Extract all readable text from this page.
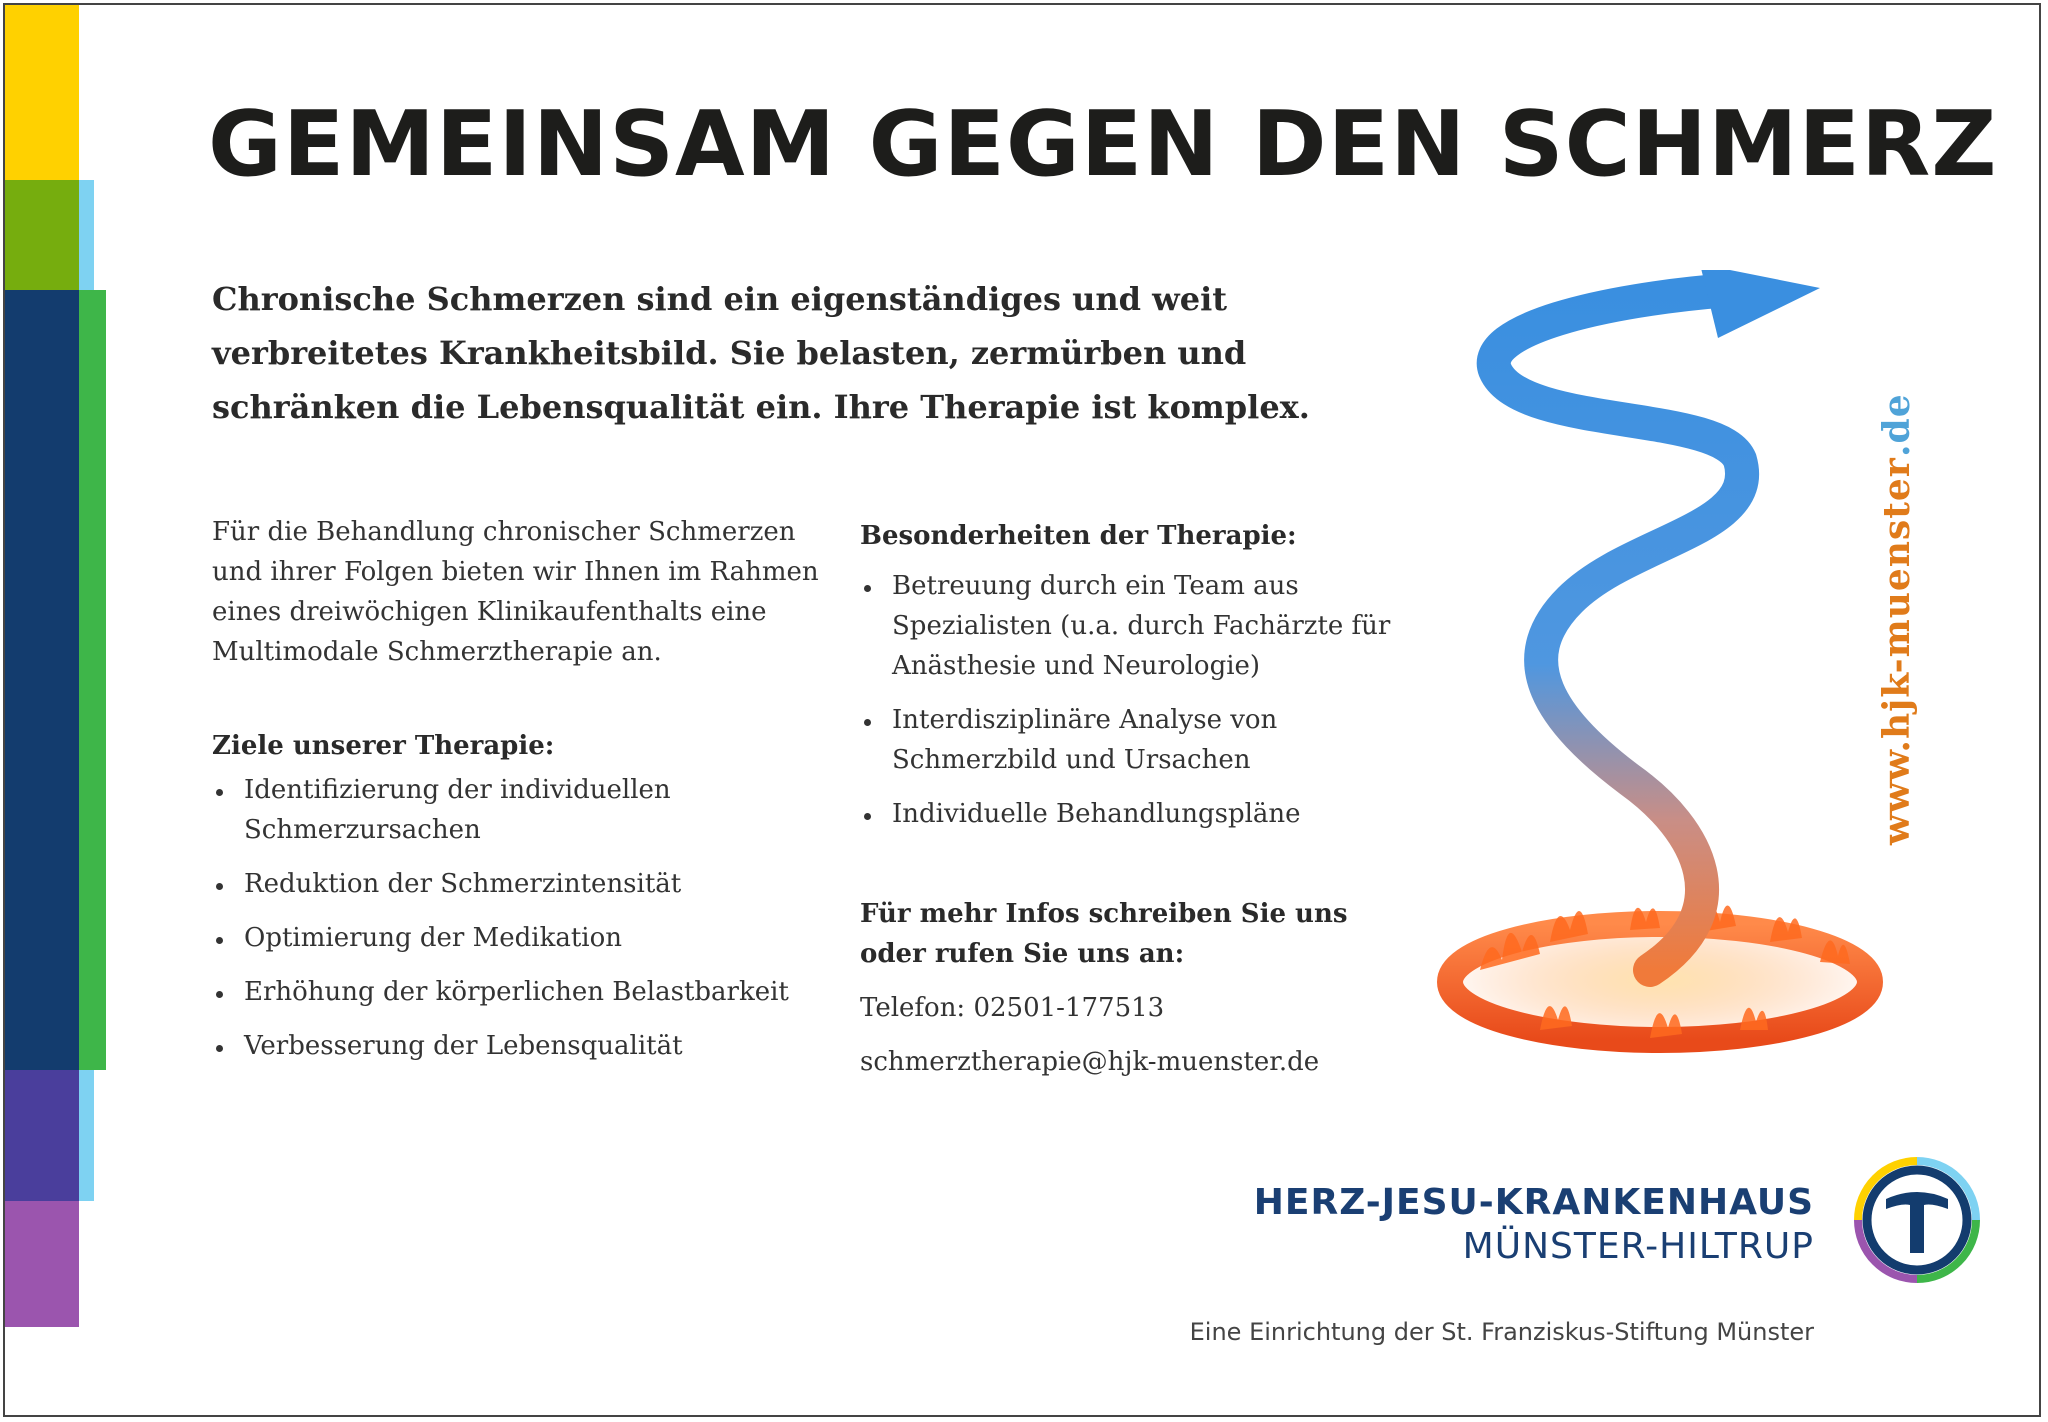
GEMEINSAM GEGEN DEN SCHMERZ

Chronische Schmerzen sind ein eigenständiges und weit verbreitetes Krankheitsbild. Sie belasten, zermürben und schränken die Lebensqualität ein. Ihre Therapie ist komplex.

Für die Behandlung chronischer Schmerzen und ihrer Folgen bieten wir Ihnen im Rahmen eines dreiwöchigen Klinikaufenthalts eine Multimodale Schmerztherapie an.

Ziele unserer Therapie:

Identifizierung der individuellen Schmerzursachen
Reduktion der Schmerzintensität
Optimierung der Medikation
Erhöhung der körperlichen Belastbarkeit
Verbesserung der Lebensqualität

Besonderheiten der Therapie:

Betreuung durch ein Team aus Spezialisten (u.a. durch Fachärzte für Anästhesie und Neurologie)
Interdisziplinäre Analyse von Schmerzbild und Ursachen
Individuelle Behandlungspläne

Für mehr Infos schreiben Sie uns oder rufen Sie uns an:

Telefon: 02501-177513

schmerztherapie@hjk-muenster.de

www.
hjk-muenster
.de
HERZ-JESU-KRANKENHAUS
MÜNSTER-HILTRUP
Eine Einrichtung der St. Franziskus-Stiftung Münster
